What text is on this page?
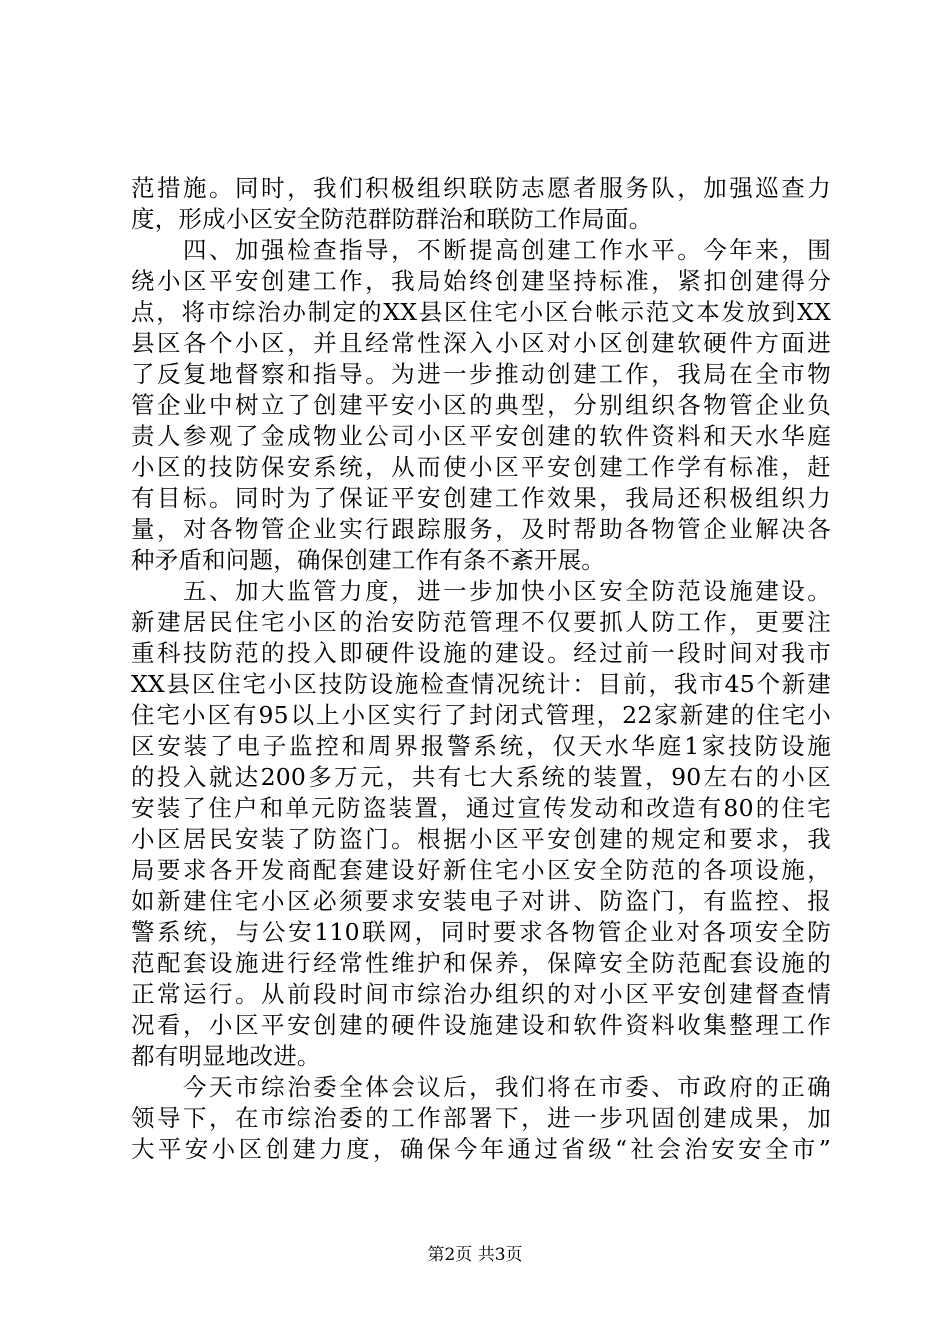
范措施。同时，我们积极组织联防志愿者服务队，加强巡查力
度，形成小区安全防范群防群治和联防工作局面。
　　四、加强检查指导，不断提高创建工作水平。今年来，围
绕小区平安创建工作，我局始终创建坚持标准，紧扣创建得分
点，将市综治办制定的XX县区住宅小区台帐示范文本发放到XX
县区各个小区，并且经常性深入小区对小区创建软硬件方面进
了反复地督察和指导。为进一步推动创建工作，我局在全市物
管企业中树立了创建平安小区的典型，分别组织各物管企业负
责人参观了金成物业公司小区平安创建的软件资料和天水华庭
小区的技防保安系统，从而使小区平安创建工作学有标准，赶
有目标。同时为了保证平安创建工作效果，我局还积极组织力
量，对各物管企业实行跟踪服务，及时帮助各物管企业解决各
种矛盾和问题，确保创建工作有条不紊开展。
　　五、加大监管力度，进一步加快小区安全防范设施建设。
新建居民住宅小区的治安防范管理不仅要抓人防工作，更要注
重科技防范的投入即硬件设施的建设。经过前一段时间对我市
XX县区住宅小区技防设施检查情况统计：目前，我市45个新建
住宅小区有95以上小区实行了封闭式管理，22家新建的住宅小
区安装了电子监控和周界报警系统，仅天水华庭1家技防设施
的投入就达200多万元，共有七大系统的装置，90左右的小区
安装了住户和单元防盗装置，通过宣传发动和改造有80的住宅
小区居民安装了防盗门。根据小区平安创建的规定和要求，我
局要求各开发商配套建设好新住宅小区安全防范的各项设施，
如新建住宅小区必须要求安装电子对讲、防盗门，有监控、报
警系统，与公安110联网，同时要求各物管企业对各项安全防
范配套设施进行经常性维护和保养，保障安全防范配套设施的
正常运行。从前段时间市综治办组织的对小区平安创建督查情
况看，小区平安创建的硬件设施建设和软件资料收集整理工作
都有明显地改进。
　　今天市综治委全体会议后，我们将在市委、市政府的正确
领导下，在市综治委的工作部署下，进一步巩固创建成果，加
大平安小区创建力度，确保今年通过省级“社会治安安全市”
第2页 共3页
